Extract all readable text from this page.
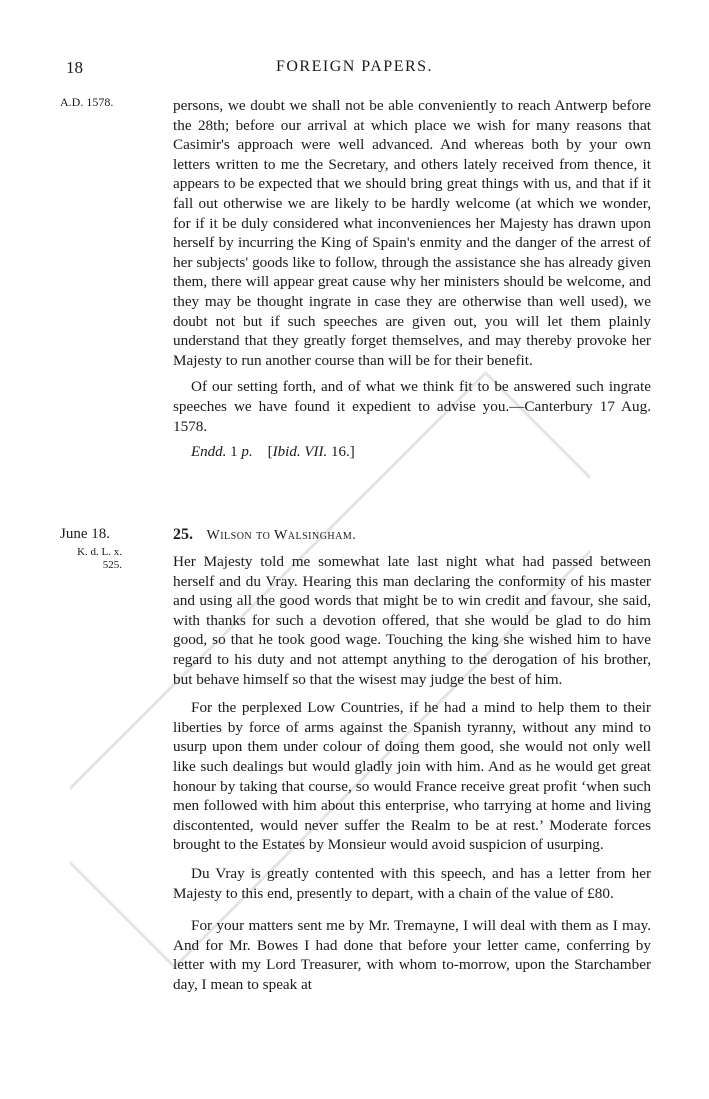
18	FOREIGN PAPERS.
A.D. 1578.	persons, we doubt we shall not be able conveniently to reach Antwerp before the 28th; before our arrival at which place we wish for many reasons that Casimir's approach were well advanced. And whereas both by your own letters written to me the Secretary, and others lately received from thence, it appears to be expected that we should bring great things with us, and that if it fall out otherwise we are likely to be hardly welcome (at which we wonder, for if it be duly considered what inconveniences her Majesty has drawn upon herself by incurring the King of Spain's enmity and the danger of the arrest of her subjects' goods like to follow, through the assistance she has already given them, there will appear great cause why her ministers should be welcome, and they may be thought ingrate in case they are otherwise than well used), we doubt not but if such speeches are given out, you will let them plainly understand that they greatly forget themselves, and may thereby provoke her Majesty to run another course than will be for their benefit.

Of our setting forth, and of what we think fit to be answered such ingrate speeches we have found it expedient to advise you.—Canterbury 17 Aug. 1578.

Endd. 1 p.    [Ibid. VII. 16.]

June 18.
K. d. L. x.
525.
25. Wilson to Walsingham.

Her Majesty told me somewhat late last night what had passed between herself and du Vray. Hearing this man declaring the conformity of his master and using all the good words that might be to win credit and favour, she said, with thanks for such a devotion offered, that she would be glad to do him good, so that he took good wage. Touching the king she wished him to have regard to his duty and not attempt anything to the derogation of his brother, but behave himself so that the wisest may judge the best of him.

For the perplexed Low Countries, if he had a mind to help them to their liberties by force of arms against the Spanish tyranny, without any mind to usurp upon them under colour of doing them good, she would not only well like such dealings but would gladly join with him. And as he would get great honour by taking that course, so would France receive great profit ‘when such men followed with him about this enterprise, who tarrying at home and living discontented, would never suffer the Realm to be at rest.’ Moderate forces brought to the Estates by Monsieur would avoid suspicion of usurping.

Du Vray is greatly contented with this speech, and has a letter from her Majesty to this end, presently to depart, with a chain of the value of £80.

For your matters sent me by Mr. Tremayne, I will deal with them as I may. And for Mr. Bowes I had done that before your letter came, conferring by letter with my Lord Treasurer, with whom to-morrow, upon the Starchamber day, I mean to speak at
